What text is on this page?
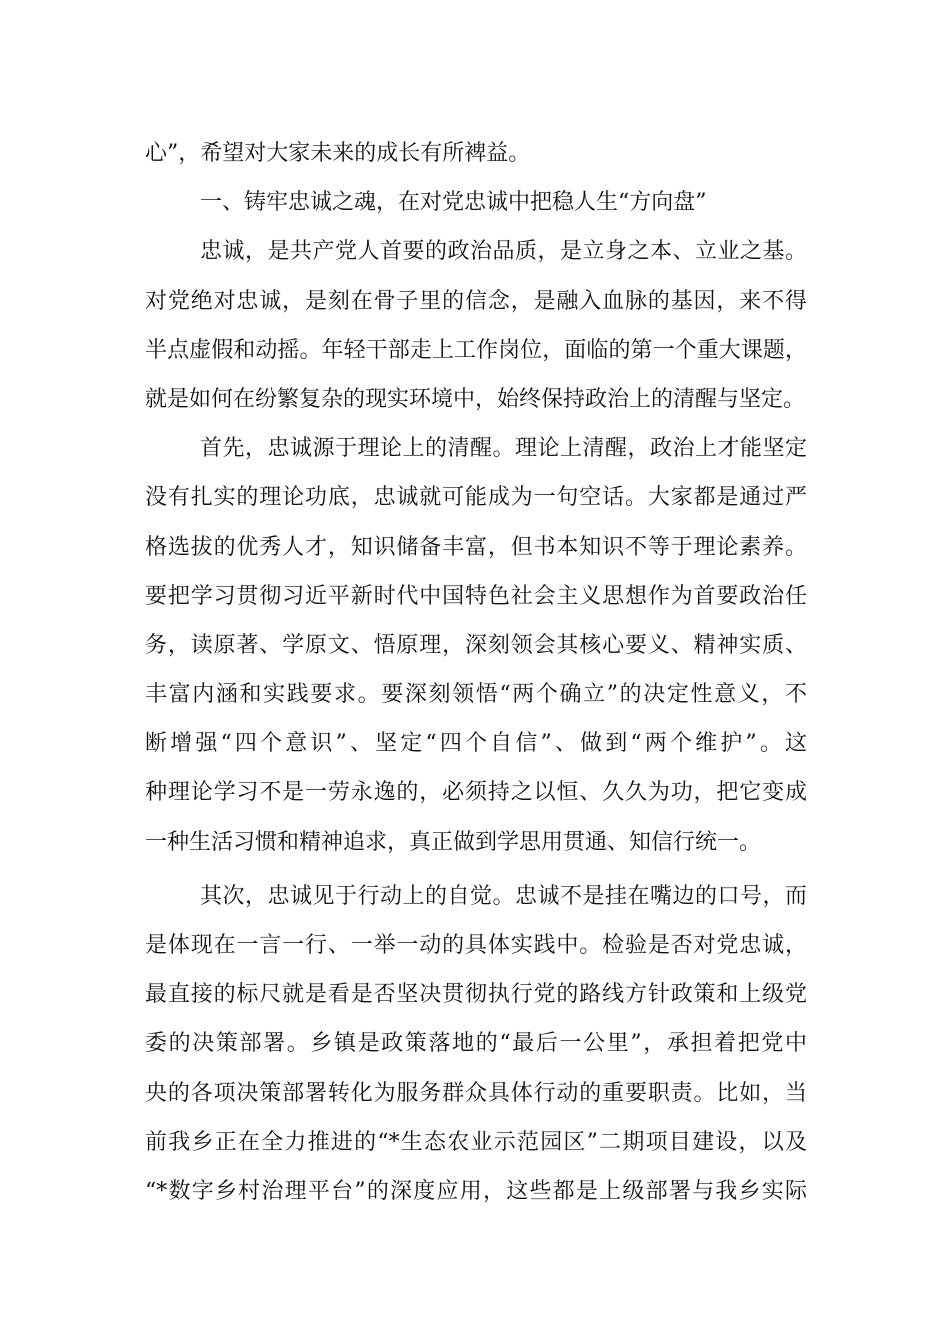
心”，希望对大家未来的成长有所裨益。
一、铸牢忠诚之魂，在对党忠诚中把稳人生“方向盘”
忠诚，是共产党人首要的政治品质，是立身之本、立业之基。
对党绝对忠诚，是刻在骨子里的信念，是融入血脉的基因，来不得
半点虚假和动摇。年轻干部走上工作岗位，面临的第一个重大课题，
就是如何在纷繁复杂的现实环境中，始终保持政治上的清醒与坚定。
首先，忠诚源于理论上的清醒。理论上清醒，政治上才能坚定
没有扎实的理论功底，忠诚就可能成为一句空话。大家都是通过严
格选拔的优秀人才，知识储备丰富，但书本知识不等于理论素养。
要把学习贯彻习近平新时代中国特色社会主义思想作为首要政治任
务，读原著、学原文、悟原理，深刻领会其核心要义、精神实质、
丰富内涵和实践要求。要深刻领悟“两个确立”的决定性意义，不
断增强“四个意识”、坚定“四个自信”、做到“两个维护”。这
种理论学习不是一劳永逸的，必须持之以恒、久久为功，把它变成
一种生活习惯和精神追求，真正做到学思用贯通、知信行统一。
其次，忠诚见于行动上的自觉。忠诚不是挂在嘴边的口号，而
是体现在一言一行、一举一动的具体实践中。检验是否对党忠诚，
最直接的标尺就是看是否坚决贯彻执行党的路线方针政策和上级党
委的决策部署。乡镇是政策落地的“最后一公里”，承担着把党中
央的各项决策部署转化为服务群众具体行动的重要职责。比如，当
前我乡正在全力推进的“*生态农业示范园区”二期项目建设，以及
“*数字乡村治理平台”的深度应用，这些都是上级部署与我乡实际
